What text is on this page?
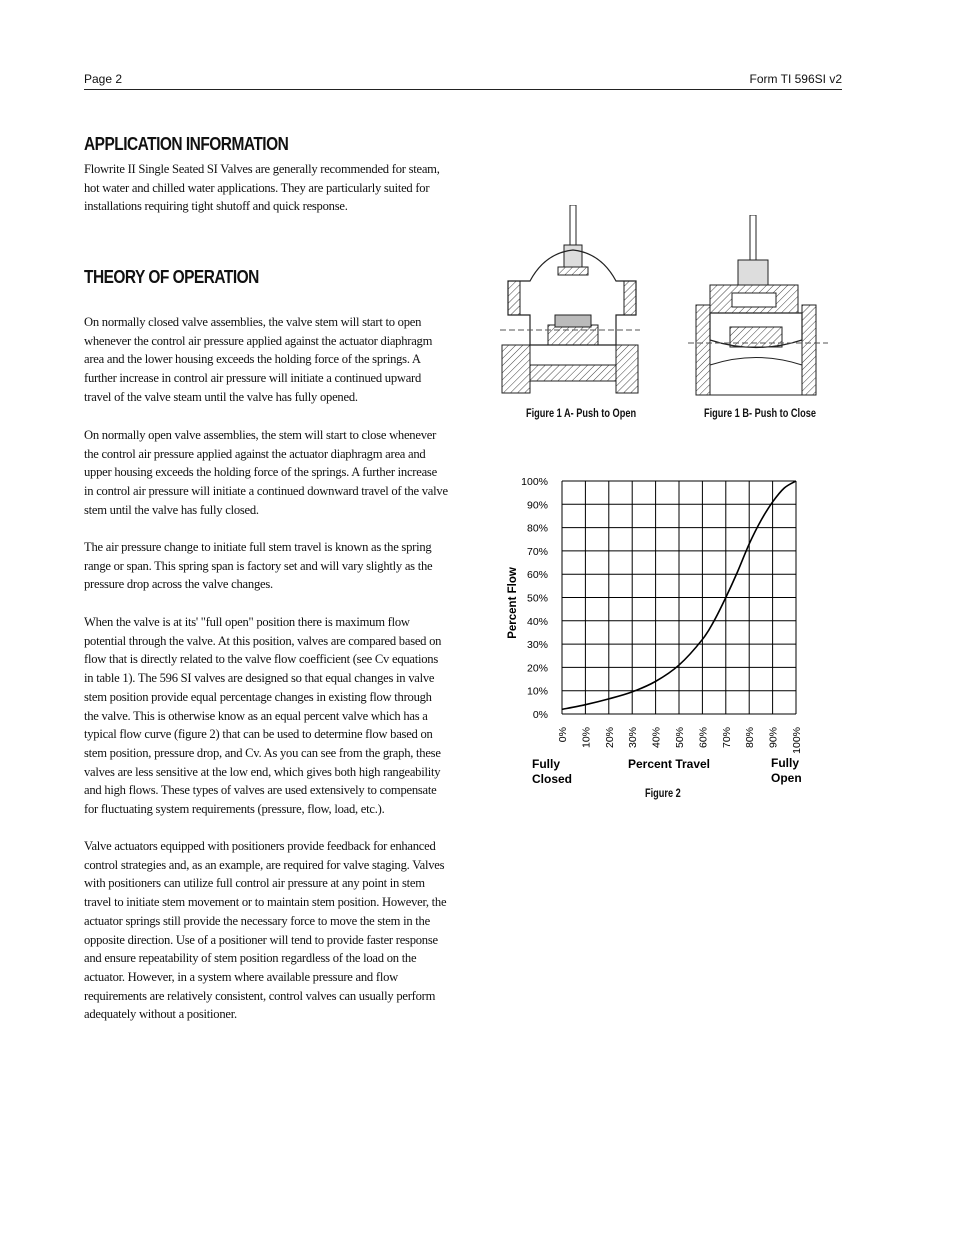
Page 2	Form TI 596SI v2
APPLICATION INFORMATION

Flowrite II Single Seated SI Valves are generally recommended for steam, hot water and chilled water applications. They are particularly suited for installations requiring tight shutoff and quick response.

THEORY OF OPERATION

On normally closed valve assemblies, the valve stem will start to open whenever the control air pressure applied against the actuator diaphragm area and the lower housing exceeds the holding force of the springs. A further increase in control air pressure will initiate a continued upward travel of the valve steam until the valve has fully opened.

On normally open valve assemblies, the stem will start to close whenever the control air pressure applied against the actuator diaphragm area and upper housing exceeds the holding force of the springs. A further increase in control air pressure will initiate a continued downward travel of the valve stem until the valve has fully closed.

The air pressure change to initiate full stem travel is known as the spring range or span. This spring span is factory set and will vary slightly as the pressure drop across the valve changes.

When the valve is at its' "full open" position there is maximum flow potential through the valve. At this position, valves are compared based on flow that is directly related to the valve flow coefficient (see Cv equations in table 1). The 596 SI valves are designed so that equal changes in valve stem position provide equal percentage changes in existing flow through the valve. This is otherwise know as an equal percent valve which has a typical flow curve (figure 2) that can be used to determine flow based on stem position, pressure drop, and Cv. As you can see from the graph, these valves are less sensitive at the low end, which gives both high rangeability and high flows. These types of valves are used extensively to compensate for fluctuating system requirements (pressure, flow, load, etc.).

Valve actuators equipped with positioners provide feedback for enhanced control strategies and, as an example, are required for valve staging. Valves with positioners can utilize full control air pressure at any point in stem travel to initiate stem movement or to maintain stem position. However, the actuator springs still provide the necessary force to move the stem in the opposite direction. Use of a positioner will tend to provide faster response and ensure repeatability of stem position regardless of the load on the actuator. However, in a system where available pressure and flow requirements are relatively consistent, control valves can usually perform adequately without a positioner.

Figure 1 A- Push to Open	Figure 1 B- Push to Close
0%
10%
20%
30%
40%
50%
60%
70%
80%
90%
100%
0% 10% 20% 30% 40% 50% 60% 70% 80% 90% 100%
Percent Flow
Percent Travel
Fully
Closed
Fully
Open
Figure 2
